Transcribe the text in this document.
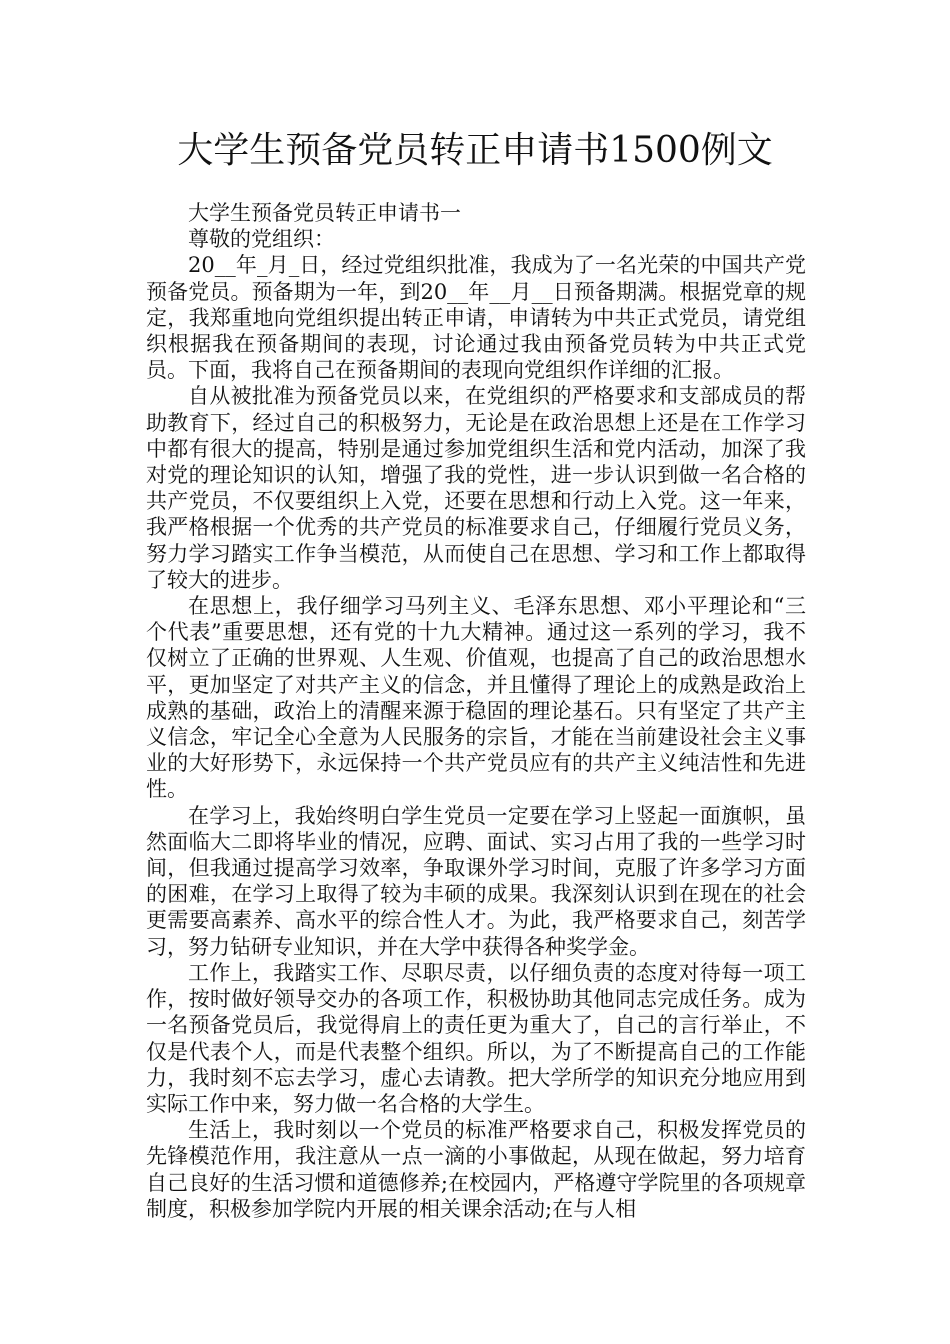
大学生预备党员转正申请书1500例文

大学生预备党员转正申请书一

尊敬的党组织：

20__年_月_日，经过党组织批准，我成为了一名光荣的中国共产党预备党员。预备期为一年，到20__年__月__日预备期满。根据党章的规定，我郑重地向党组织提出转正申请，申请转为中共正式党员，请党组织根据我在预备期间的表现，讨论通过我由预备党员转为中共正式党员。下面，我将自己在预备期间的表现向党组织作详细的汇报。

自从被批准为预备党员以来，在党组织的严格要求和支部成员的帮助教育下，经过自己的积极努力，无论是在政治思想上还是在工作学习中都有很大的提高，特别是通过参加党组织生活和党内活动，加深了我对党的理论知识的认知，增强了我的党性，进一步认识到做一名合格的共产党员，不仅要组织上入党，还要在思想和行动上入党。这一年来，我严格根据一个优秀的共产党员的标准要求自己，仔细履行党员义务，努力学习踏实工作争当模范，从而使自己在思想、学习和工作上都取得了较大的进步。

在思想上，我仔细学习马列主义、毛泽东思想、邓小平理论和“三个代表”重要思想，还有党的十九大精神。通过这一系列的学习，我不仅树立了正确的世界观、人生观、价值观，也提高了自己的政治思想水平，更加坚定了对共产主义的信念，并且懂得了理论上的成熟是政治上成熟的基础，政治上的清醒来源于稳固的理论基石。只有坚定了共产主义信念，牢记全心全意为人民服务的宗旨，才能在当前建设社会主义事业的大好形势下，永远保持一个共产党员应有的共产主义纯洁性和先进性。

在学习上，我始终明白学生党员一定要在学习上竖起一面旗帜，虽然面临大二即将毕业的情况，应聘、面试、实习占用了我的一些学习时间，但我通过提高学习效率，争取课外学习时间，克服了许多学习方面的困难，在学习上取得了较为丰硕的成果。我深刻认识到在现在的社会更需要高素养、高水平的综合性人才。为此，我严格要求自己，刻苦学习，努力钻研专业知识，并在大学中获得各种奖学金。

工作上，我踏实工作、尽职尽责，以仔细负责的态度对待每一项工作，按时做好领导交办的各项工作，积极协助其他同志完成任务。成为一名预备党员后，我觉得肩上的责任更为重大了，自己的言行举止，不仅是代表个人，而是代表整个组织。所以，为了不断提高自己的工作能力，我时刻不忘去学习，虚心去请教。把大学所学的知识充分地应用到实际工作中来，努力做一名合格的大学生。

生活上，我时刻以一个党员的标准严格要求自己，积极发挥党员的先锋模范作用，我注意从一点一滴的小事做起，从现在做起，努力培育自己良好的生活习惯和道德修养;在校园内，严格遵守学院里的各项规章制度，积极参加学院内开展的相关课余活动;在与人相
